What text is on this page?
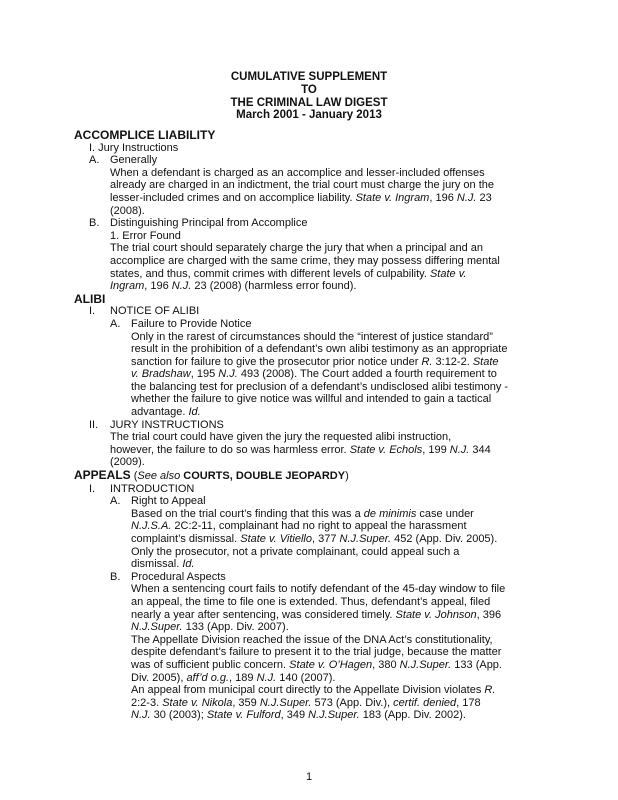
CUMULATIVE SUPPLEMENT
TO
THE CRIMINAL LAW DIGEST
March 2001 - January 2013
ACCOMPLICE LIABILITY
I. Jury Instructions
A. Generally
When a defendant is charged as an accomplice and lesser-included offenses
already are charged in an indictment, the trial court must charge the jury on the
lesser-included crimes and on accomplice liability. State v. Ingram, 196 N.J. 23
(2008).
B. Distinguishing Principal from Accomplice
1. Error Found
The trial court should separately charge the jury that when a principal and an
accomplice are charged with the same crime, they may possess differing mental
states, and thus, commit crimes with different levels of culpability. State v.
Ingram, 196 N.J. 23 (2008) (harmless error found).
ALIBI
I. NOTICE OF ALIBI
A. Failure to Provide Notice
Only in the rarest of circumstances should the “interest of justice standard”
result in the prohibition of a defendant’s own alibi testimony as an appropriate
sanction for failure to give the prosecutor prior notice under R. 3:12-2. State
v. Bradshaw, 195 N.J. 493 (2008). The Court added a fourth requirement to
the balancing test for preclusion of a defendant’s undisclosed alibi testimony -
whether the failure to give notice was willful and intended to gain a tactical
advantage. Id.
II. JURY INSTRUCTIONS
The trial court could have given the jury the requested alibi instruction,
however, the failure to do so was harmless error. State v. Echols, 199 N.J. 344
(2009).
APPEALS (See also COURTS, DOUBLE JEOPARDY)
I. INTRODUCTION
A. Right to Appeal
Based on the trial court’s finding that this was a de minimis case under
N.J.S.A. 2C:2-11, complainant had no right to appeal the harassment
complaint’s dismissal. State v. Vitiello, 377 N.J.Super. 452 (App. Div. 2005).
Only the prosecutor, not a private complainant, could appeal such a
dismissal. Id.
B. Procedural Aspects
When a sentencing court fails to notify defendant of the 45-day window to file
an appeal, the time to file one is extended. Thus, defendant’s appeal, filed
nearly a year after sentencing, was considered timely. State v. Johnson, 396
N.J.Super. 133 (App. Div. 2007).
The Appellate Division reached the issue of the DNA Act’s constitutionality,
despite defendant’s failure to present it to the trial judge, because the matter
was of sufficient public concern. State v. O’Hagen, 380 N.J.Super. 133 (App.
Div. 2005), aff’d o.g., 189 N.J. 140 (2007).
An appeal from municipal court directly to the Appellate Division violates R.
2:2-3. State v. Nikola, 359 N.J.Super. 573 (App. Div.), certif. denied, 178
N.J. 30 (2003); State v. Fulford, 349 N.J.Super. 183 (App. Div. 2002).
1
